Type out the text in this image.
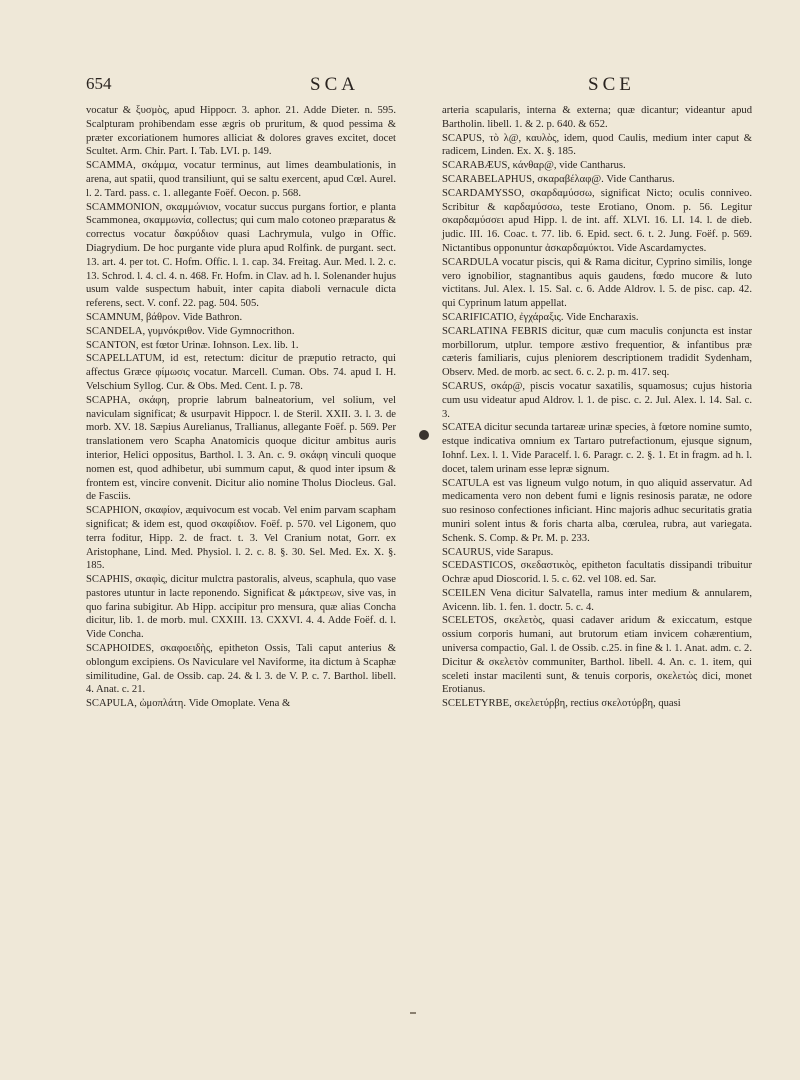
654	SCA	SCE

vocatur & ξυσμὸς, apud Hippocr. 3. aphor. 21. Adde Dieter. n. 595. Scalpturam prohibendam esse ægris ob pruritum, & quod pessima & præter excoriationem humores alliciat & dolores graves excitet, docet Scultet. Arm. Chir. Part. I. Tab. LVI. p. 149.

SCAMMA, σκάμμα, vocatur terminus, aut limes deambulationis, in arena, aut spatii, quod transiliunt, qui se saltu exercent, apud Cœl. Aurel. l. 2. Tard. pass. c. 1. allegante Foëf. Oecon. p. 568.

SCAMMONION, σκαμμώνιον, vocatur succus purgans fortior, e planta Scammonea, σκαμμωνία, collectus; qui cum malo cotoneo præparatus & correctus vocatur δακρύδιον quasi Lachrymula, vulgo in Offic. Diagrydium. De hoc purgante vide plura apud Rolfink. de purgant. sect. 13. art. 4. per tot. C. Hofm. Offic. l. 1. cap. 34. Freitag. Aur. Med. l. 2. c. 13. Schrod. l. 4. cl. 4. n. 468. Fr. Hofm. in Clav. ad h. l. Solenander hujus usum valde suspectum habuit, inter capita diaboli vernacule dicta referens, sect. V. conf. 22. pag. 504. 505.

SCAMNUM, βάθρον. Vide Bathron.

SCANDELA, γυμνόκριθον. Vide Gymnocrithon.

SCANTON, est fœtor Urinæ. Iohnson. Lex. lib. 1.

SCAPELLATUM, id est, retectum: dicitur de præputio retracto, qui affectus Græce φίμωσις vocatur. Marcell. Cuman. Obs. 74. apud I. H. Velschium Syllog. Cur. & Obs. Med. Cent. I. p. 78.

SCAPHA, σκάφη, proprie labrum balneatorium, vel solium, vel naviculam significat; & usurpavit Hippocr. l. de Steril. XXII. 3. l. 3. de morb. XV. 18. Sæpius Aurelianus, Trallianus, allegante Foëf. p. 569. Per translationem vero Scapha Anatomicis quoque dicitur ambitus auris interior, Helici oppositus, Barthol. l. 3. An. c. 9. σκάφη vinculi quoque nomen est, quod adhibetur, ubi summum caput, & quod inter ipsum & frontem est, vincire convenit. Dicitur alio nomine Tholus Dioclеus. Gal. de Fasciis.

SCAPHION, σκαφίον, æquivocum est vocab. Vel enim parvam scapham significat; & idem est, quod σκαφίδιον. Foëf. p. 570. vel Ligonem, quo terra foditur, Hipp. 2. de fract. t. 3. Vel Cranium notat, Gorr. ex Aristophane, Lind. Med. Physiol. l. 2. c. 8. §. 30. Sel. Med. Ex. X. §. 185.

SCAPHIS, σκαφὶς, dicitur mulctra pastoralis, alveus, scaphula, quo vase pastores utuntur in lacte reponendo. Significat & μάκτρεων, sive vas, in quo farina subigitur. Ab Hipp. accipitur pro mensura, quæ alias Concha dicitur, lib. 1. de morb. mul. CXXIII. 13. CXXVI. 4. 4. Adde Foëf. d. l. Vide Concha.

SCAPHOIDES, σκαφοειδὴς, epitheton Ossis, Tali caput anterius & oblongum excipiens. Os Naviculare vel Naviforme, ita dictum à Scaphæ similitudine, Gal. de Ossib. cap. 24. & l. 3. de V. P. c. 7. Barthol. libell. 4. Anat. c. 21.

SCAPULA, ὠμοπλάτη. Vide Omoplate. Vena &

arteria scapularis, interna & externa; quæ dicantur; videantur apud Bartholin. libell. 1. & 2. p. 640. & 652.

SCAPUS, τὸ λ@, καυλὸς, idem, quod Caulis, medium inter caput & radicem, Linden. Ex. X. §. 185.

SCARABÆUS, κάνθαρ@, vide Cantharus.

SCARABELAPHUS, σκαραβέλαφ@. Vide Cantharus.

SCARDAMYSSO, σκαρδαμύσσω, significat Nicto; oculis conniveo. Scribitur & καρδαμύσσω, teste Erotiano, Onom. p. 56. Legitur σκαρδαμύσσει apud Hipp. l. de int. aff. XLVI. 16. LI. 14. l. de dieb. judic. III. 16. Coac. t. 77. lib. 6. Epid. sect. 6. t. 2. Jung. Foëf. p. 569. Nictantibus opponuntur ἀσκαρδαμύκτοι. Vide Ascardamyctes.

SCARDULA vocatur piscis, qui & Rama dicitur, Cyprino similis, longe vero ignobilior, stagnantibus aquis gaudens, fœdo mucore & luto victitans. Jul. Alex. l. 15. Sal. c. 6. Adde Aldrov. l. 5. de pisc. cap. 42. qui Cyprinum latum appellat.

SCARIFICATIO, ἐγχάραξις. Vide Encharaxis.

SCARLATINA FEBRIS dicitur, quæ cum maculis conjuncta est instar morbillorum, utplur. tempore æstivo frequentior, & infantibus præ cæteris familiaris, cujus pleniorem descriptionem tradidit Sydenham, Observ. Med. de morb. ac sect. 6. c. 2. p. m. 417. seq.

SCARUS, σκάρ@, piscis vocatur saxatilis, squamosus; cujus historia cum usu videatur apud Aldrov. l. 1. de pisc. c. 2. Jul. Alex. l. 14. Sal. c. 3.

SCATEA dicitur secunda tartareæ urinæ species, à fœtore nomine sumto, estque indicativa omnium ex Tartaro putrefactionum, ejusque signum, Iohnf. Lex. l. 1. Vide Paracelf. l. 6. Paragr. c. 2. §. 1. Et in fragm. ad h. l. docet, talem urinam esse lepræ signum.

SCATULA est vas ligneum vulgo notum, in quo aliquid asservatur. Ad medicamenta vero non debent fumi e lignis resinosis paratæ, ne odore suo resinoso confectiones inficiant. Hinc majoris adhuc securitatis gratia muniri solent intus & foris charta alba, cœrulea, rubra, aut variegata. Schenk. S. Comp. & Pr. M. p. 233.

SCAURUS, vide Sarapus.

SCEDASTICOS, σκεδαστικὸς, epitheton facultatis dissipandi tribuitur Ochræ apud Dioscorid. l. 5. c. 62. vel 108. ed. Sar.

SCEILEN Vena dicitur Salvatella, ramus inter medium & annularem, Avicenn. lib. 1. fen. 1. doctr. 5. c. 4.

SCELETOS, σκελετὸς, quasi cadaver aridum & exiccatum, estque ossium corporis humani, aut brutorum etiam invicem cohærentium, universa compactio, Gal. l. de Ossib. c.25. in fine & l. 1. Anat. adm. c. 2. Dicitur & σκελετὸν communiter, Barthol. libell. 4. An. c. 1. item, qui sceleti instar macilenti sunt, & tenuis corporis, σκελετὼς dici, monet Erotianus.

SCELETYRBE, σκελετύρβη, rectius σκελοτύρβη, quasi
